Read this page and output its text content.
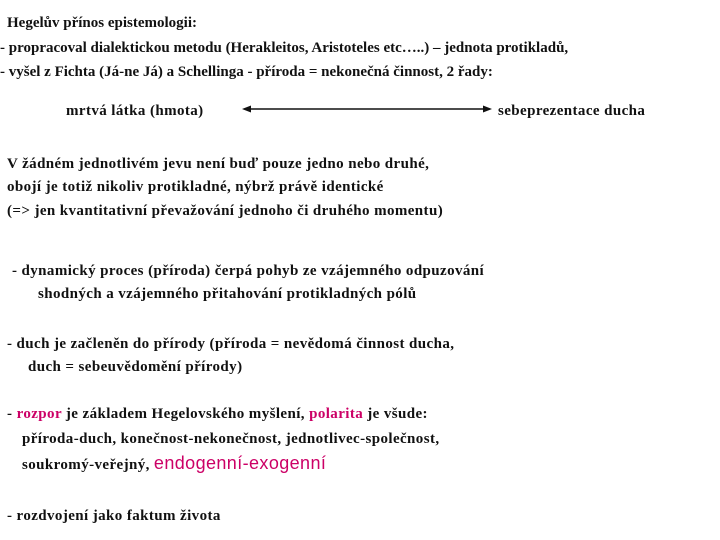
Hegelův přínos epistemologii:
- propracoval dialektickou metodu (Herakleitos, Aristoteles etc…..) – jednota protikladů,
- vyšel z Fichta (Já-ne Já) a Schellinga - příroda = nekonečná činnost, 2 řady:
mrtvá látka (hmota)	sebeprezentace ducha
V žádném jednotlivém jevu není buď pouze jedno nebo druhé,
obojí je totiž nikoliv protikladné, nýbrž právě identické
(=> jen kvantitativní převažování jednoho či druhého momentu)
- dynamický proces (příroda) čerpá pohyb ze vzájemného odpuzování
shodných a vzájemného přitahování protikladných pólů
- duch je začleněn do přírody (příroda = nevědomá činnost ducha,
duch = sebeuvědomění přírody)
- rozpor je základem Hegelovského myšlení, polarita je všude:
příroda-duch, konečnost-nekonečnost, jednotlivec-společnost,
soukromý-veřejný, endogenní-exogenní
- rozdvojení jako faktum života
